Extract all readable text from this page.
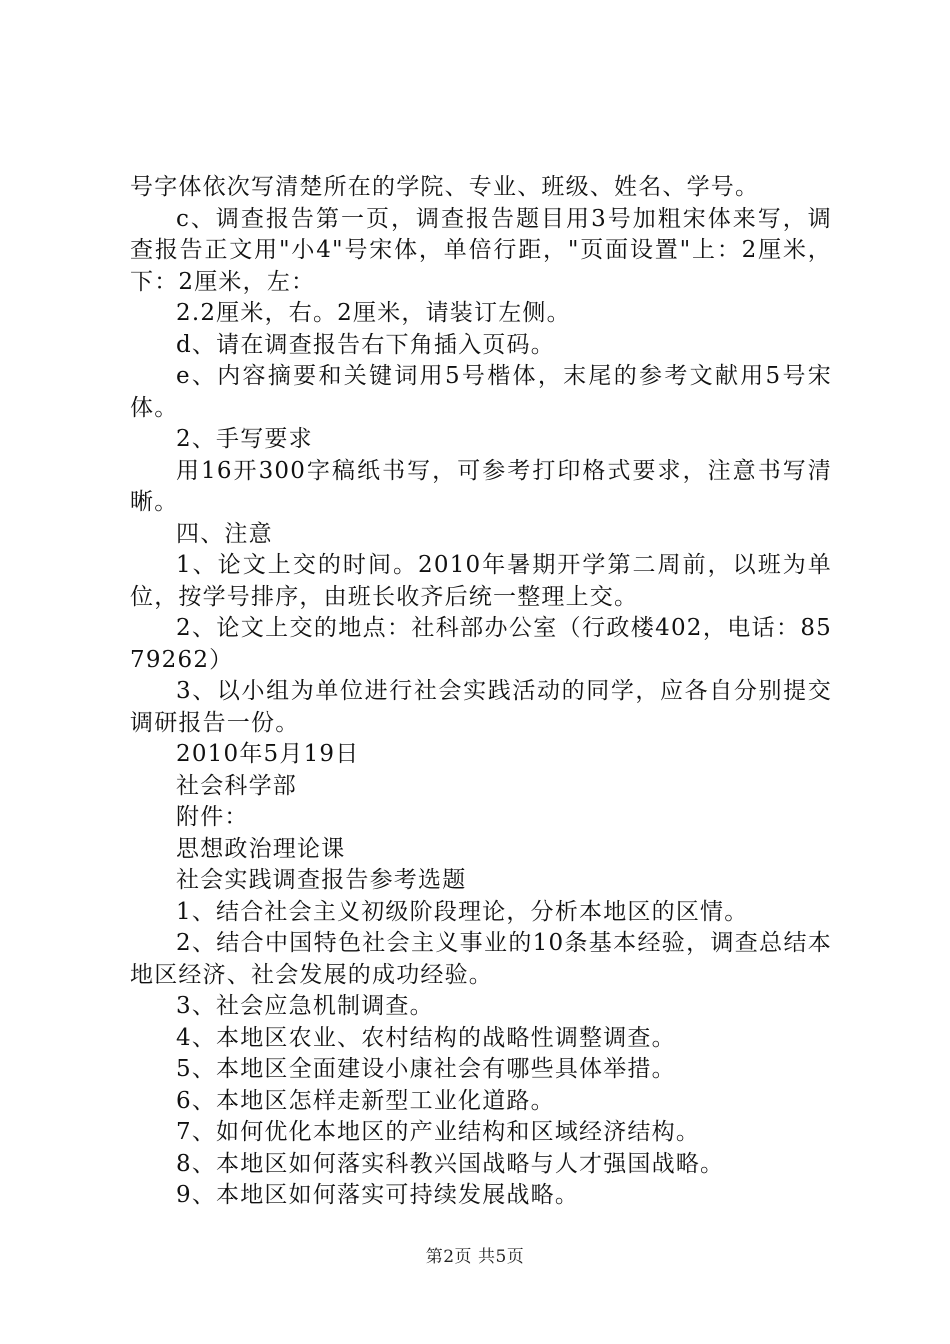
号字体依次写清楚所在的学院、专业、班级、姓名、学号。

c、调查报告第一页，调查报告题目用3号加粗宋体来写，调查报告正文用"小4"号宋体，单倍行距，"页面设置"上：2厘米，下：2厘米，左：

2.2厘米，右。2厘米，请装订左侧。

d、请在调查报告右下角插入页码。

e、内容摘要和关键词用5号楷体，末尾的参考文献用5号宋体。

2、手写要求

用16开300字稿纸书写，可参考打印格式要求，注意书写清晰。

四、注意

1、论文上交的时间。2010年暑期开学第二周前，以班为单位，按学号排序，由班长收齐后统一整理上交。

2、论文上交的地点：社科部办公室（行政楼402，电话：8579262）

3、以小组为单位进行社会实践活动的同学，应各自分别提交调研报告一份。

2010年5月19日

社会科学部

附件：

思想政治理论课

社会实践调查报告参考选题

1、结合社会主义初级阶段理论，分析本地区的区情。

2、结合中国特色社会主义事业的10条基本经验，调查总结本地区经济、社会发展的成功经验。

3、社会应急机制调查。

4、本地区农业、农村结构的战略性调整调查。

5、本地区全面建设小康社会有哪些具体举措。

6、本地区怎样走新型工业化道路。

7、如何优化本地区的产业结构和区域经济结构。

8、本地区如何落实科教兴国战略与人才强国战略。

9、本地区如何落实可持续发展战略。

第2页 共5页
